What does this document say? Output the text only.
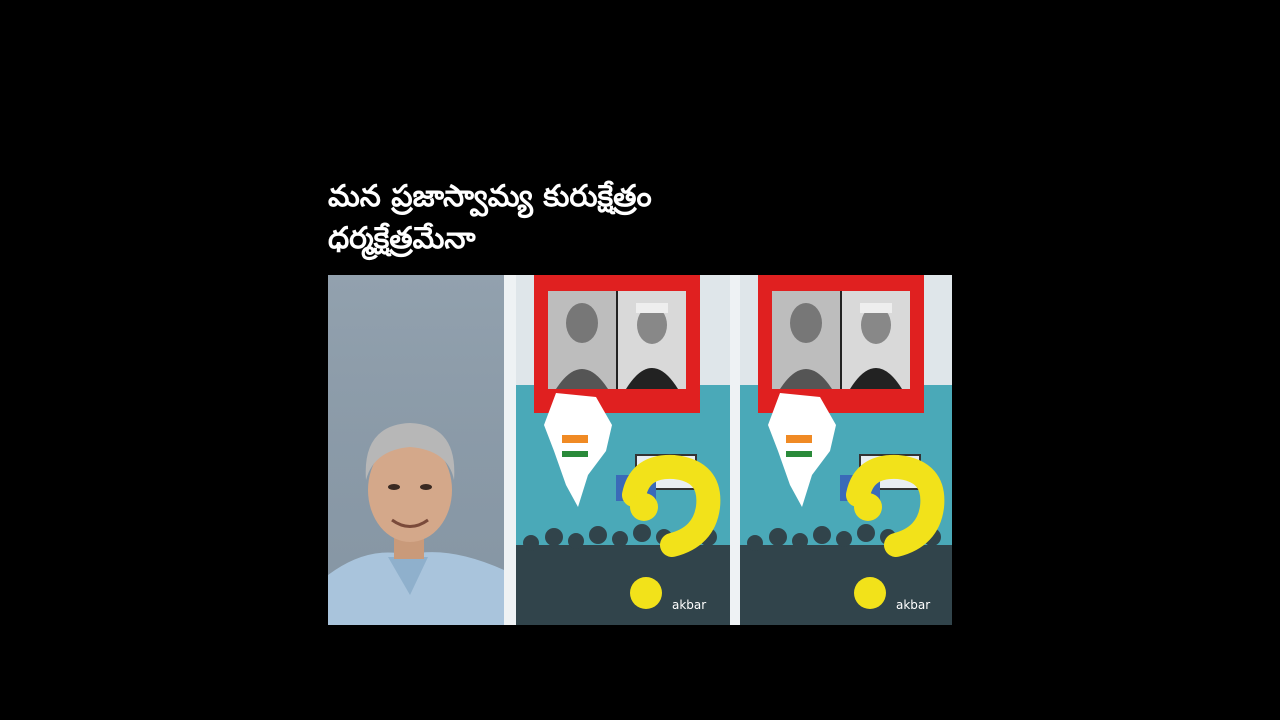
మన ప్రజాస్వామ్య కురుక్షేత్రం
ధర్మక్షేత్రమేనా
akbar	akbar
